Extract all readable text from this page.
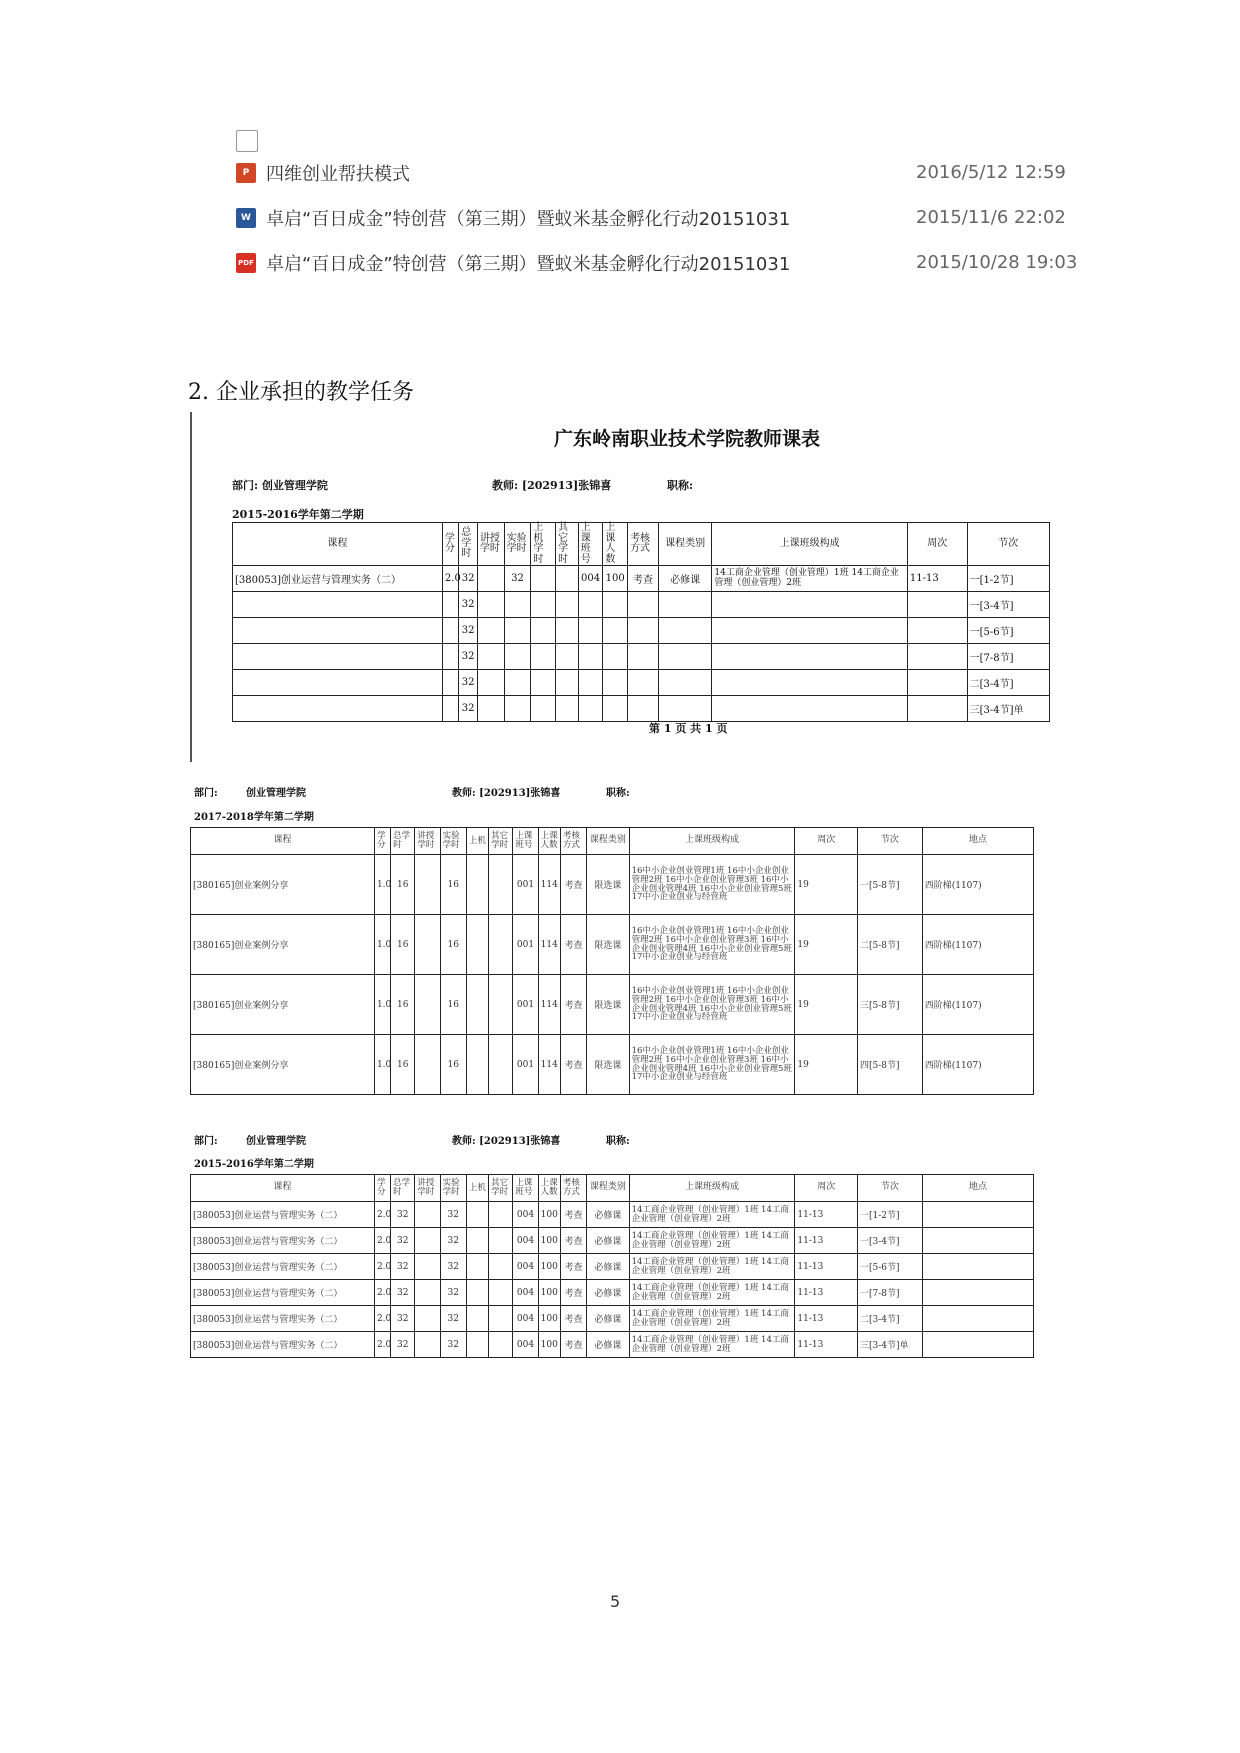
P 四维创业帮扶模式	2016/5/12 12:59
W 卓启“百日成金”特创营（第三期）暨蚁米基金孵化行动20151031	2015/11/6 22:02
PDF 卓启“百日成金”特创营（第三期）暨蚁米基金孵化行动20151031	2015/10/28 19:03
2. 企业承担的教学任务
广东岭南职业技术学院教师课表
部门: 创业管理学院	教师: [202913]张锦喜	职称:
2015-2016学年第二学期
课程	学分	总学时	讲授学时	实验学时	上机学时	其它学时	上课班号	上课人数	考核方式	课程类别	上课班级构成	周次	节次
[380053]创业运营与管理实务（二）	2.0	32		32			004	100	考查	必修课	14工商企业管理（创业管理）1班 14工商企业管理（创业管理）2班	11-13	一[1-2节]
		32											一[3-4节]
		32											一[5-6节]
		32											一[7-8节]
		32											二[3-4节]
		32											三[3-4节]单
第 1 页 共 1 页
部门:	创业管理学院	教师: [202913]张锦喜	职称:
2017-2018学年第二学期
课程	学分	总学时	讲授学时	实验学时	上机	其它学时	上课班号	上课人数	考核方式	课程类别	上课班级构成	周次	节次	地点
[380165]创业案例分享	1.0	16		16			001	114	考查	限选课	16中小企业创业管理1班 16中小企业创业管理2班 16中小企业创业管理3班 16中小企业创业管理4班 16中小企业创业管理5班 17中小企业创业与经营班	19	一[5-8节]	西阶梯(1107)
[380165]创业案例分享	1.0	16		16			001	114	考查	限选课	16中小企业创业管理1班 16中小企业创业管理2班 16中小企业创业管理3班 16中小企业创业管理4班 16中小企业创业管理5班 17中小企业创业与经营班	19	二[5-8节]	西阶梯(1107)
[380165]创业案例分享	1.0	16		16			001	114	考查	限选课	16中小企业创业管理1班 16中小企业创业管理2班 16中小企业创业管理3班 16中小企业创业管理4班 16中小企业创业管理5班 17中小企业创业与经营班	19	三[5-8节]	西阶梯(1107)
[380165]创业案例分享	1.0	16		16			001	114	考查	限选课	16中小企业创业管理1班 16中小企业创业管理2班 16中小企业创业管理3班 16中小企业创业管理4班 16中小企业创业管理5班 17中小企业创业与经营班	19	四[5-8节]	西阶梯(1107)
部门:	创业管理学院	教师: [202913]张锦喜	职称:
2015-2016学年第二学期
课程	学分	总学时	讲授学时	实验学时	上机	其它学时	上课班号	上课人数	考核方式	课程类别	上课班级构成	周次	节次	地点
[380053]创业运营与管理实务（二）	2.0	32		32			004	100	考查	必修课	14工商企业管理（创业管理）1班 14工商企业管理（创业管理）2班	11-13	一[1-2节]	
[380053]创业运营与管理实务（二）	2.0	32		32			004	100	考查	必修课	14工商企业管理（创业管理）1班 14工商企业管理（创业管理）2班	11-13	一[3-4节]	
[380053]创业运营与管理实务（二）	2.0	32		32			004	100	考查	必修课	14工商企业管理（创业管理）1班 14工商企业管理（创业管理）2班	11-13	一[5-6节]	
[380053]创业运营与管理实务（二）	2.0	32		32			004	100	考查	必修课	14工商企业管理（创业管理）1班 14工商企业管理（创业管理）2班	11-13	一[7-8节]	
[380053]创业运营与管理实务（二）	2.0	32		32			004	100	考查	必修课	14工商企业管理（创业管理）1班 14工商企业管理（创业管理）2班	11-13	二[3-4节]	
[380053]创业运营与管理实务（二）	2.0	32		32			004	100	考查	必修课	14工商企业管理（创业管理）1班 14工商企业管理（创业管理）2班	11-13	三[3-4节]单	
5
